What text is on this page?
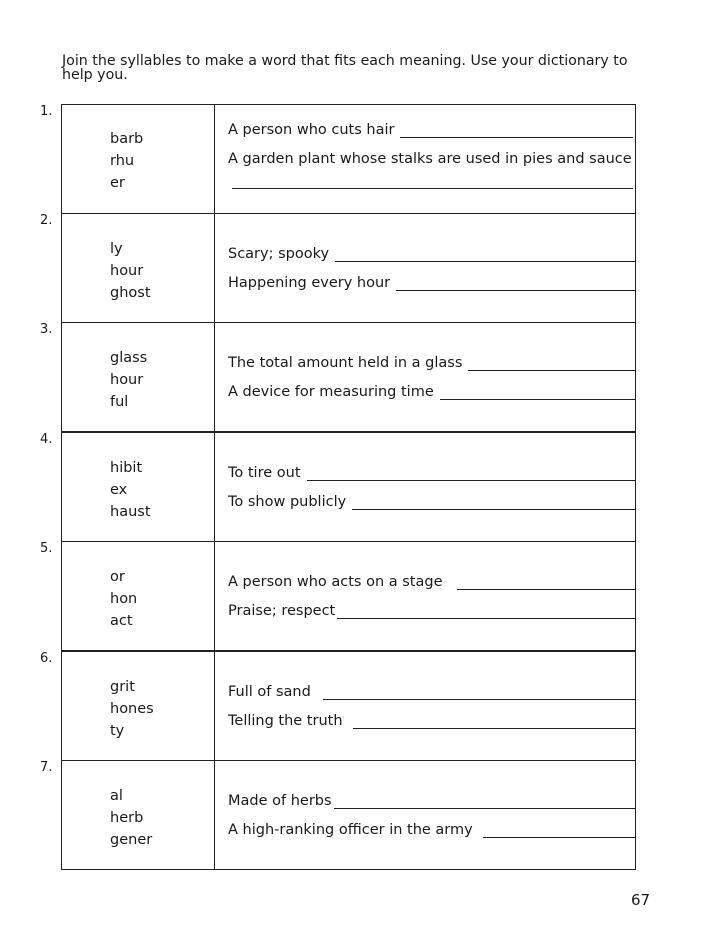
Join the syllables to make a word that fits each meaning. Use your dictionary to help you.

1.
barb
rhu
er
A person who cuts hair
A garden plant whose stalks are used in pies and sauce
2.
ly
hour
ghost
Scary; spooky
Happening every hour
3.
glass
hour
ful
The total amount held in a glass
A device for measuring time
4.
hibit
ex
haust
To tire out
To show publicly
5.
or
hon
act
A person who acts on a stage
Praise; respect
6.
grit
hones
ty
Full of sand
Telling the truth
7.
al
herb
gener
Made of herbs
A high-ranking officer in the army
67
